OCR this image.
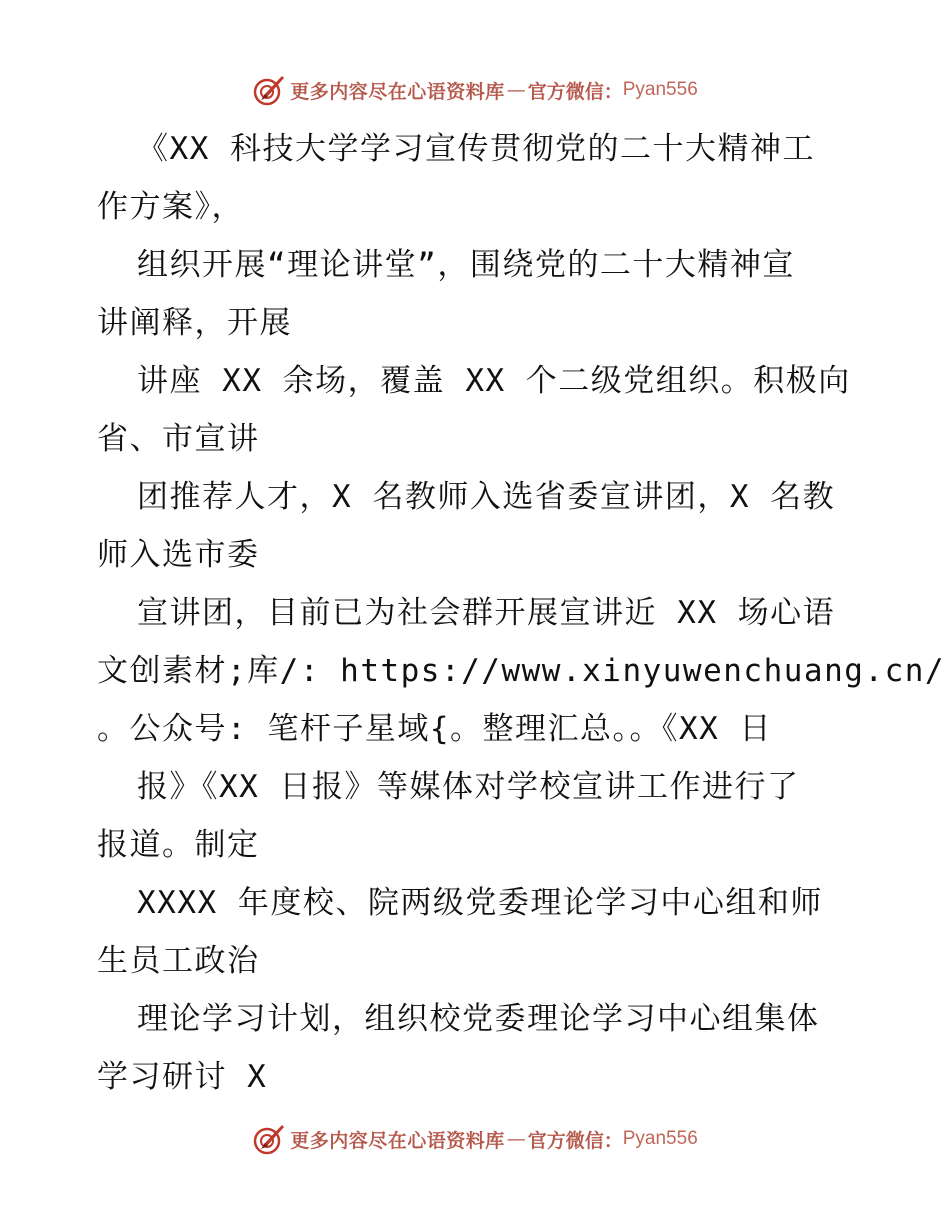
更多内容尽在心语资料库 — 官方微信： Pyan556
《XX 科技大学学习宣传贯彻党的二十大精神工
作方案》，
组织开展“理论讲堂”，围绕党的二十大精神宣
讲阐释，开展
讲座 XX 余场，覆盖 XX 个二级党组织。积极向
省、市宣讲
团推荐人才，X 名教师入选省委宣讲团，X 名教
师入选市委
宣讲团，目前已为社会群开展宣讲近 XX 场心语
文创素材;库/: https://www.xinyuwenchuang.cn/
。公众号: 笔杆子星域{。整理汇总。。《XX 日
报》《XX 日报》等媒体对学校宣讲工作进行了
报道。制定
XXXX 年度校、院两级党委理论学习中心组和师
生员工政治
理论学习计划，组织校党委理论学习中心组集体
学习研讨 X
更多内容尽在心语资料库 — 官方微信： Pyan556
